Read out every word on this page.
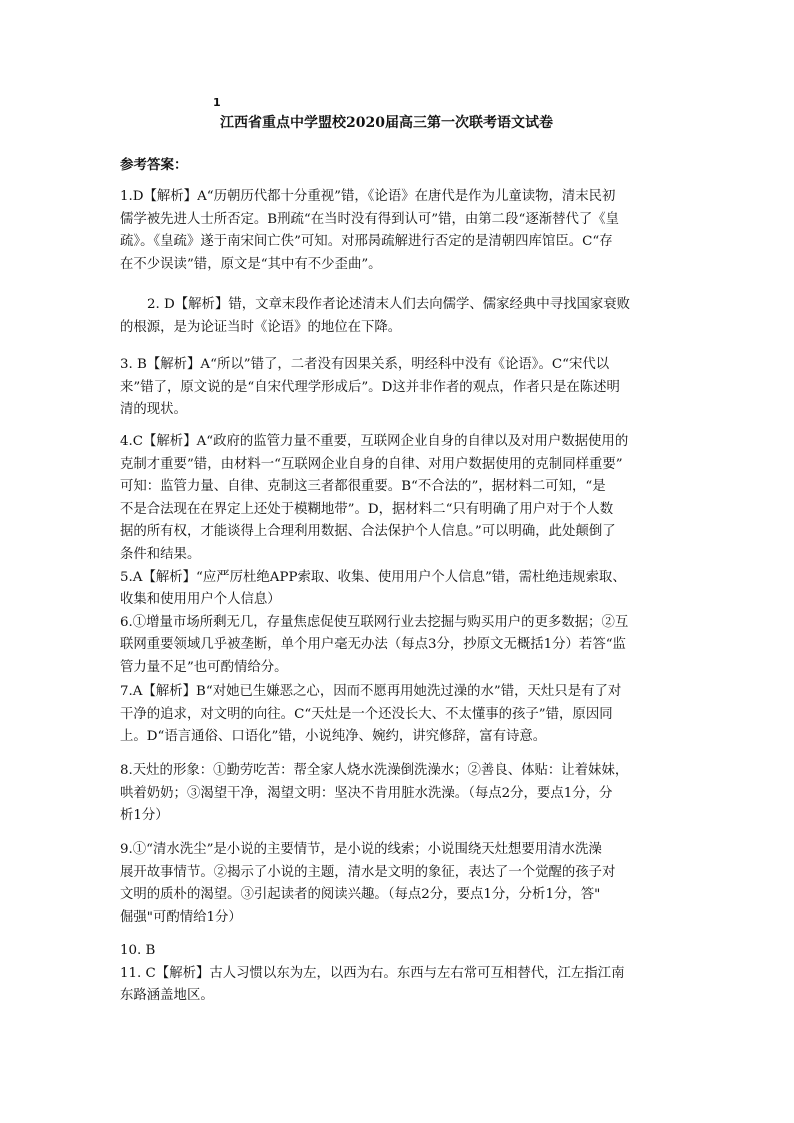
1
江西省重点中学盟校2020届高三第一次联考语文试卷
参考答案：
1.D【解析】A“历朝历代都十分重视”错，《论语》在唐代是作为儿童读物，清末民初
儒学被先进人士所否定。B刑疏“在当时没有得到认可”错，由第二段“逐渐替代了《皇
疏》。《皇疏》遂于南宋间亡佚”可知。对邢昺疏解进行否定的是清朝四库馆臣。C“存
在不少误读”错，原文是“其中有不少歪曲”。
2. D【解析】错，文章末段作者论述清末人们去向儒学、儒家经典中寻找国家衰败
的根源，是为论证当时《论语》的地位在下降。
3. B【解析】A“所以”错了，二者没有因果关系，明经科中没有《论语》。C“宋代以
来”错了，原文说的是“自宋代理学形成后”。D这并非作者的观点，作者只是在陈述明
清的现状。
4.C【解析】A“政府的监管力量不重要，互联网企业自身的自律以及对用户数据使用的
克制才重要”错，由材料一“互联网企业自身的自律、对用户数据使用的克制同样重要”
可知：监管力量、自律、克制这三者都很重要。B“不合法的”，据材料二可知，“是
不是合法现在在界定上还处于模糊地带”。D，据材料二“只有明确了用户对于个人数
据的所有权，才能谈得上合理利用数据、合法保护个人信息。”可以明确，此处颠倒了
条件和结果。
5.A【解析】“应严厉杜绝APP索取、收集、使用用户个人信息”错，需杜绝违规索取、
收集和使用用户个人信息）
6.①增量市场所剩无几，存量焦虑促使互联网行业去挖掘与购买用户的更多数据；②互
联网重要领域几乎被垄断，单个用户毫无办法（每点3分，抄原文无概括1分）若答“监
管力量不足”也可酌情给分。
7.A【解析】B“对她已生嫌恶之心，因而不愿再用她洗过澡的水”错，天灶只是有了对
干净的追求，对文明的向往。C“天灶是一个还没长大、不太懂事的孩子”错，原因同
上。D“语言通俗、口语化”错，小说纯净、婉约，讲究修辞，富有诗意。
8.天灶的形象：①勤劳吃苦：帮全家人烧水洗澡倒洗澡水；②善良、体贴：让着妹妹，
哄着奶奶；③渴望干净，渴望文明：坚决不肯用脏水洗澡。（每点2分，要点1分，分
析1分）
9.①“清水洗尘”是小说的主要情节，是小说的线索；小说围绕天灶想要用清水洗澡
展开故事情节。②揭示了小说的主题，清水是文明的象征，表达了一个觉醒的孩子对
文明的质朴的渴望。③引起读者的阅读兴趣。（每点2分，要点1分，分析1分，答"
倔强"可酌情给1分）
10. B
11. C【解析】古人习惯以东为左，以西为右。东西与左右常可互相替代，江左指江南
东路涵盖地区。
